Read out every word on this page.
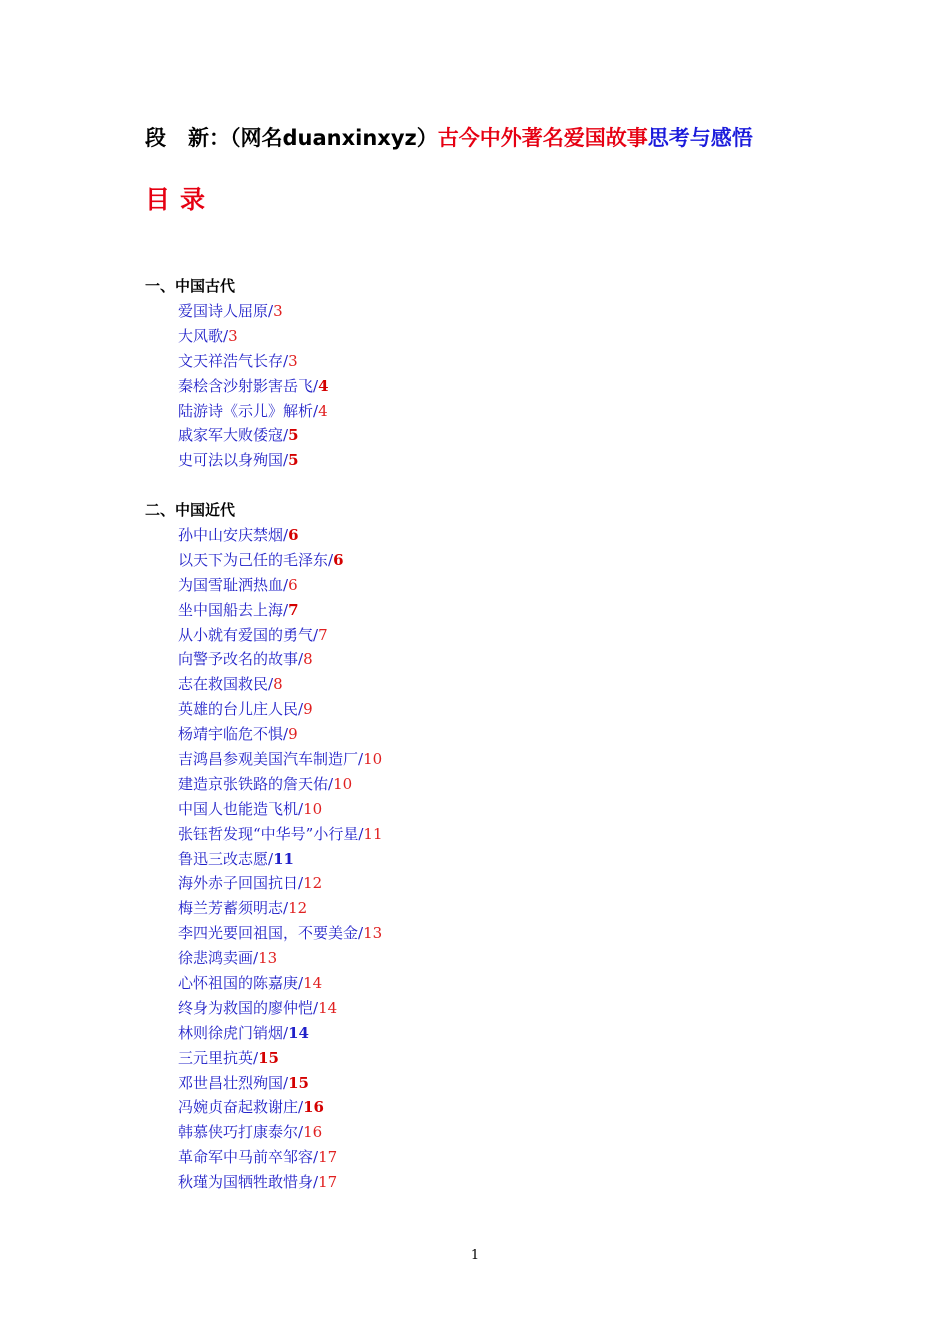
段 新：（网名duanxinxyz）古今中外著名爱国故事思考与感悟
目录
一、中国古代
爱国诗人屈原/3
大风歌/3
文天祥浩气长存/3
秦桧含沙射影害岳飞/4
陆游诗《示儿》解析/4
戚家军大败倭寇/5
史可法以身殉国/5
二、中国近代
孙中山安庆禁烟/6
以天下为己任的毛泽东/6
为国雪耻洒热血/6
坐中国船去上海/7
从小就有爱国的勇气/7
向警予改名的故事/8
志在救国救民/8
英雄的台儿庄人民/9
杨靖宇临危不惧/9
吉鸿昌参观美国汽车制造厂/10
建造京张铁路的詹天佑/10
中国人也能造飞机/10
张钰哲发现“中华号”小行星/11
鲁迅三改志愿/11
海外赤子回国抗日/12
梅兰芳蓄须明志/12
李四光要回祖国，不要美金/13
徐悲鸿卖画/13
心怀祖国的陈嘉庚/14
终身为救国的廖仲恺/14
林则徐虎门销烟/14
三元里抗英/15
邓世昌壮烈殉国/15
冯婉贞奋起救谢庄/16
韩慕侠巧打康泰尔/16
革命军中马前卒邹容/17
秋瑾为国牺牲敢惜身/17
1
